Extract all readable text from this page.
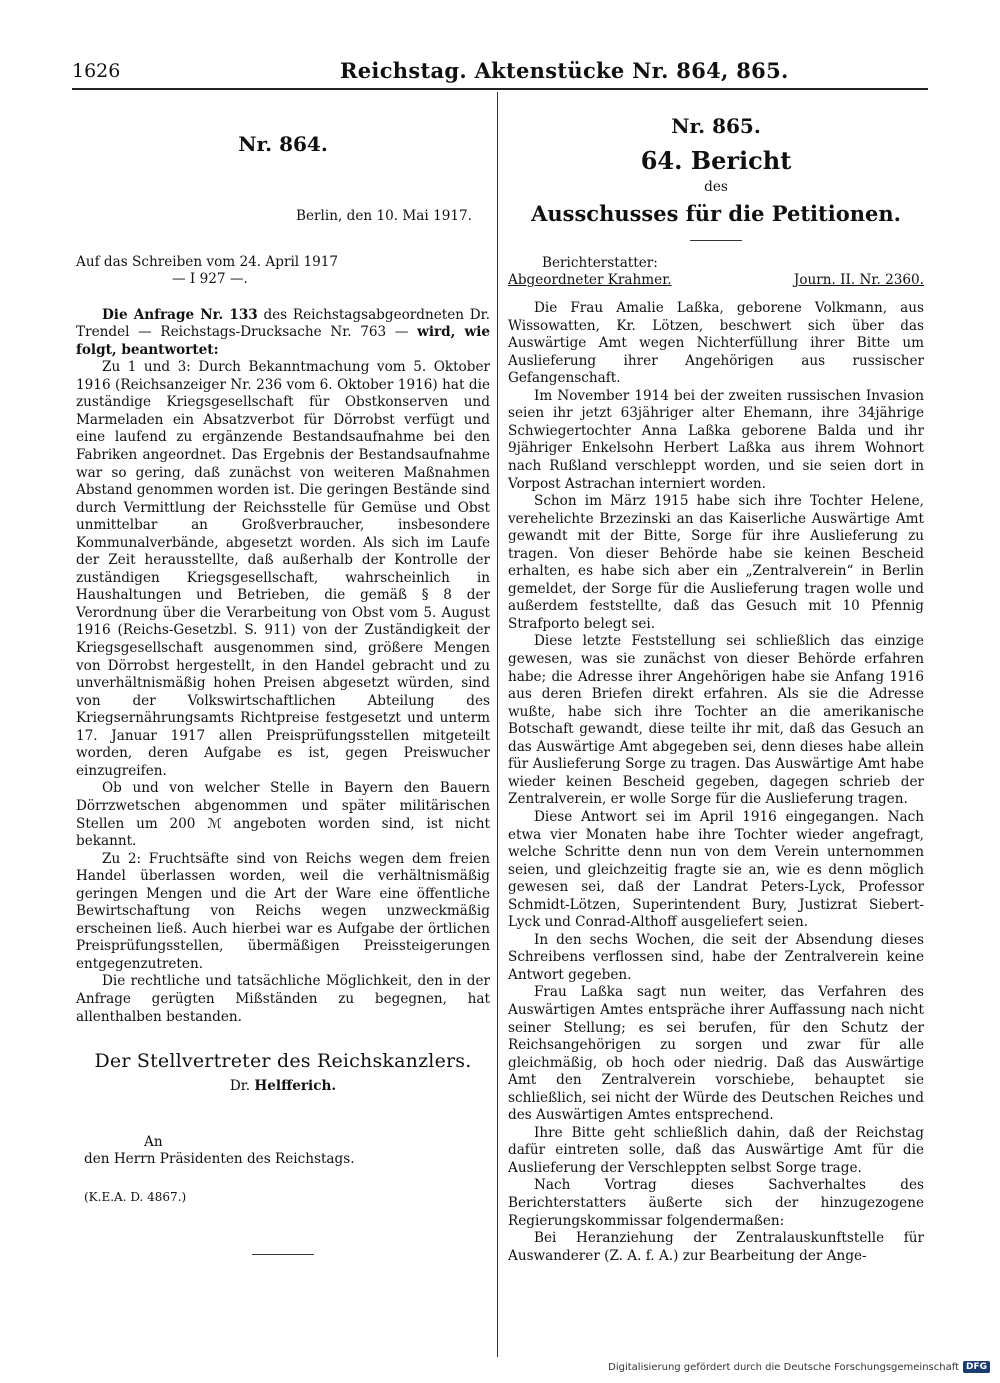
1626	Reichstag. Aktenstücke Nr. 864, 865.
Nr. 864.
Berlin, den 10. Mai 1917.
Auf das Schreiben vom 24. April 1917
— I 927 —.

Die Anfrage Nr. 133 des Reichstagsabgeordneten Dr. Trendel — Reichstags-Drucksache Nr. 763 — wird, wie folgt, beantwortet:

Zu 1 und 3: Durch Bekanntmachung vom 5. Oktober 1916 (Reichsanzeiger Nr. 236 vom 6. Oktober 1916) hat die zuständige Kriegsgesellschaft für Obstkonserven und Marmeladen ein Absatzverbot für Dörrobst verfügt und eine laufend zu ergänzende Bestandsaufnahme bei den Fabriken angeordnet. Das Ergebnis der Bestandsaufnahme war so gering, daß zunächst von weiteren Maßnahmen Abstand genommen worden ist. Die geringen Bestände sind durch Vermittlung der Reichsstelle für Gemüse und Obst unmittelbar an Großverbraucher, insbesondere Kommunalverbände, abgesetzt worden. Als sich im Laufe der Zeit herausstellte, daß außerhalb der Kontrolle der zuständigen Kriegsgesellschaft, wahrscheinlich in Haushaltungen und Betrieben, die gemäß § 8 der Verordnung über die Verarbeitung von Obst vom 5. August 1916 (Reichs-Gesetzbl. S. 911) von der Zuständigkeit der Kriegsgesellschaft ausgenommen sind, größere Mengen von Dörrobst hergestellt, in den Handel gebracht und zu unverhältnismäßig hohen Preisen abgesetzt würden, sind von der Volkswirtschaftlichen Abteilung des Kriegsernährungsamts Richtpreise festgesetzt und unterm 17. Januar 1917 allen Preisprüfungsstellen mitgeteilt worden, deren Aufgabe es ist, gegen Preiswucher einzugreifen.

Ob und von welcher Stelle in Bayern den Bauern Dörrzwetschen abgenommen und später militärischen Stellen um 200 ℳ angeboten worden sind, ist nicht bekannt.

Zu 2: Fruchtsäfte sind von Reichs wegen dem freien Handel überlassen worden, weil die verhältnismäßig geringen Mengen und die Art der Ware eine öffentliche Bewirtschaftung von Reichs wegen unzweckmäßig erscheinen ließ. Auch hierbei war es Aufgabe der örtlichen Preisprüfungsstellen, übermäßigen Preissteigerungen entgegenzutreten.

Die rechtliche und tatsächliche Möglichkeit, den in der Anfrage gerügten Mißständen zu begegnen, hat allenthalben bestanden.

Der Stellvertreter des Reichskanzlers.
Dr. Helfferich.
An
den Herrn Präsidenten des Reichstags.
(K.E.A. D. 4867.)
Nr. 865.
64. Bericht
des
Ausschusses für die Petitionen.
Berichterstatter:
Abgeordneter Krahmer.	Journ. II. Nr. 2360.

Die Frau Amalie Laßka, geborene Volkmann, aus Wissowatten, Kr. Lötzen, beschwert sich über das Auswärtige Amt wegen Nichterfüllung ihrer Bitte um Auslieferung ihrer Angehörigen aus russischer Gefangenschaft.

Im November 1914 bei der zweiten russischen Invasion seien ihr jetzt 63jähriger alter Ehemann, ihre 34jährige Schwiegertochter Anna Laßka geborene Balda und ihr 9jähriger Enkelsohn Herbert Laßka aus ihrem Wohnort nach Rußland verschleppt worden, und sie seien dort in Vorpost Astrachan interniert worden.

Schon im März 1915 habe sich ihre Tochter Helene, verehelichte Brzezinski an das Kaiserliche Auswärtige Amt gewandt mit der Bitte, Sorge für ihre Auslieferung zu tragen. Von dieser Behörde habe sie keinen Bescheid erhalten, es habe sich aber ein „Zentralverein“ in Berlin gemeldet, der Sorge für die Auslieferung tragen wolle und außerdem feststellte, daß das Gesuch mit 10 Pfennig Strafporto belegt sei.

Diese letzte Feststellung sei schließlich das einzige gewesen, was sie zunächst von dieser Behörde erfahren habe; die Adresse ihrer Angehörigen habe sie Anfang 1916 aus deren Briefen direkt erfahren. Als sie die Adresse wußte, habe sich ihre Tochter an die amerikanische Botschaft gewandt, diese teilte ihr mit, daß das Gesuch an das Auswärtige Amt abgegeben sei, denn dieses habe allein für Auslieferung Sorge zu tragen. Das Auswärtige Amt habe wieder keinen Bescheid gegeben, dagegen schrieb der Zentralverein, er wolle Sorge für die Auslieferung tragen.

Diese Antwort sei im April 1916 eingegangen. Nach etwa vier Monaten habe ihre Tochter wieder angefragt, welche Schritte denn nun von dem Verein unternommen seien, und gleichzeitig fragte sie an, wie es denn möglich gewesen sei, daß der Landrat Peters-Lyck, Professor Schmidt-Lötzen, Superintendent Bury, Justizrat Siebert-Lyck und Conrad-Althoff ausgeliefert seien.

In den sechs Wochen, die seit der Absendung dieses Schreibens verflossen sind, habe der Zentralverein keine Antwort gegeben.

Frau Laßka sagt nun weiter, das Verfahren des Auswärtigen Amtes entspräche ihrer Auffassung nach nicht seiner Stellung; es sei berufen, für den Schutz der Reichsangehörigen zu sorgen und zwar für alle gleichmäßig, ob hoch oder niedrig. Daß das Auswärtige Amt den Zentralverein vorschiebe, behauptet sie schließlich, sei nicht der Würde des Deutschen Reiches und des Auswärtigen Amtes entsprechend.

Ihre Bitte geht schließlich dahin, daß der Reichstag dafür eintreten solle, daß das Auswärtige Amt für die Auslieferung der Verschleppten selbst Sorge trage.

Nach Vortrag dieses Sachverhaltes des Berichterstatters äußerte sich der hinzugezogene Regierungskommissar folgendermaßen:

Bei Heranziehung der Zentralauskunftstelle für Auswanderer (Z. A. f. A.) zur Bearbeitung der Ange-

Digitalisierung gefördert durch die Deutsche Forschungsgemeinschaft DFG
